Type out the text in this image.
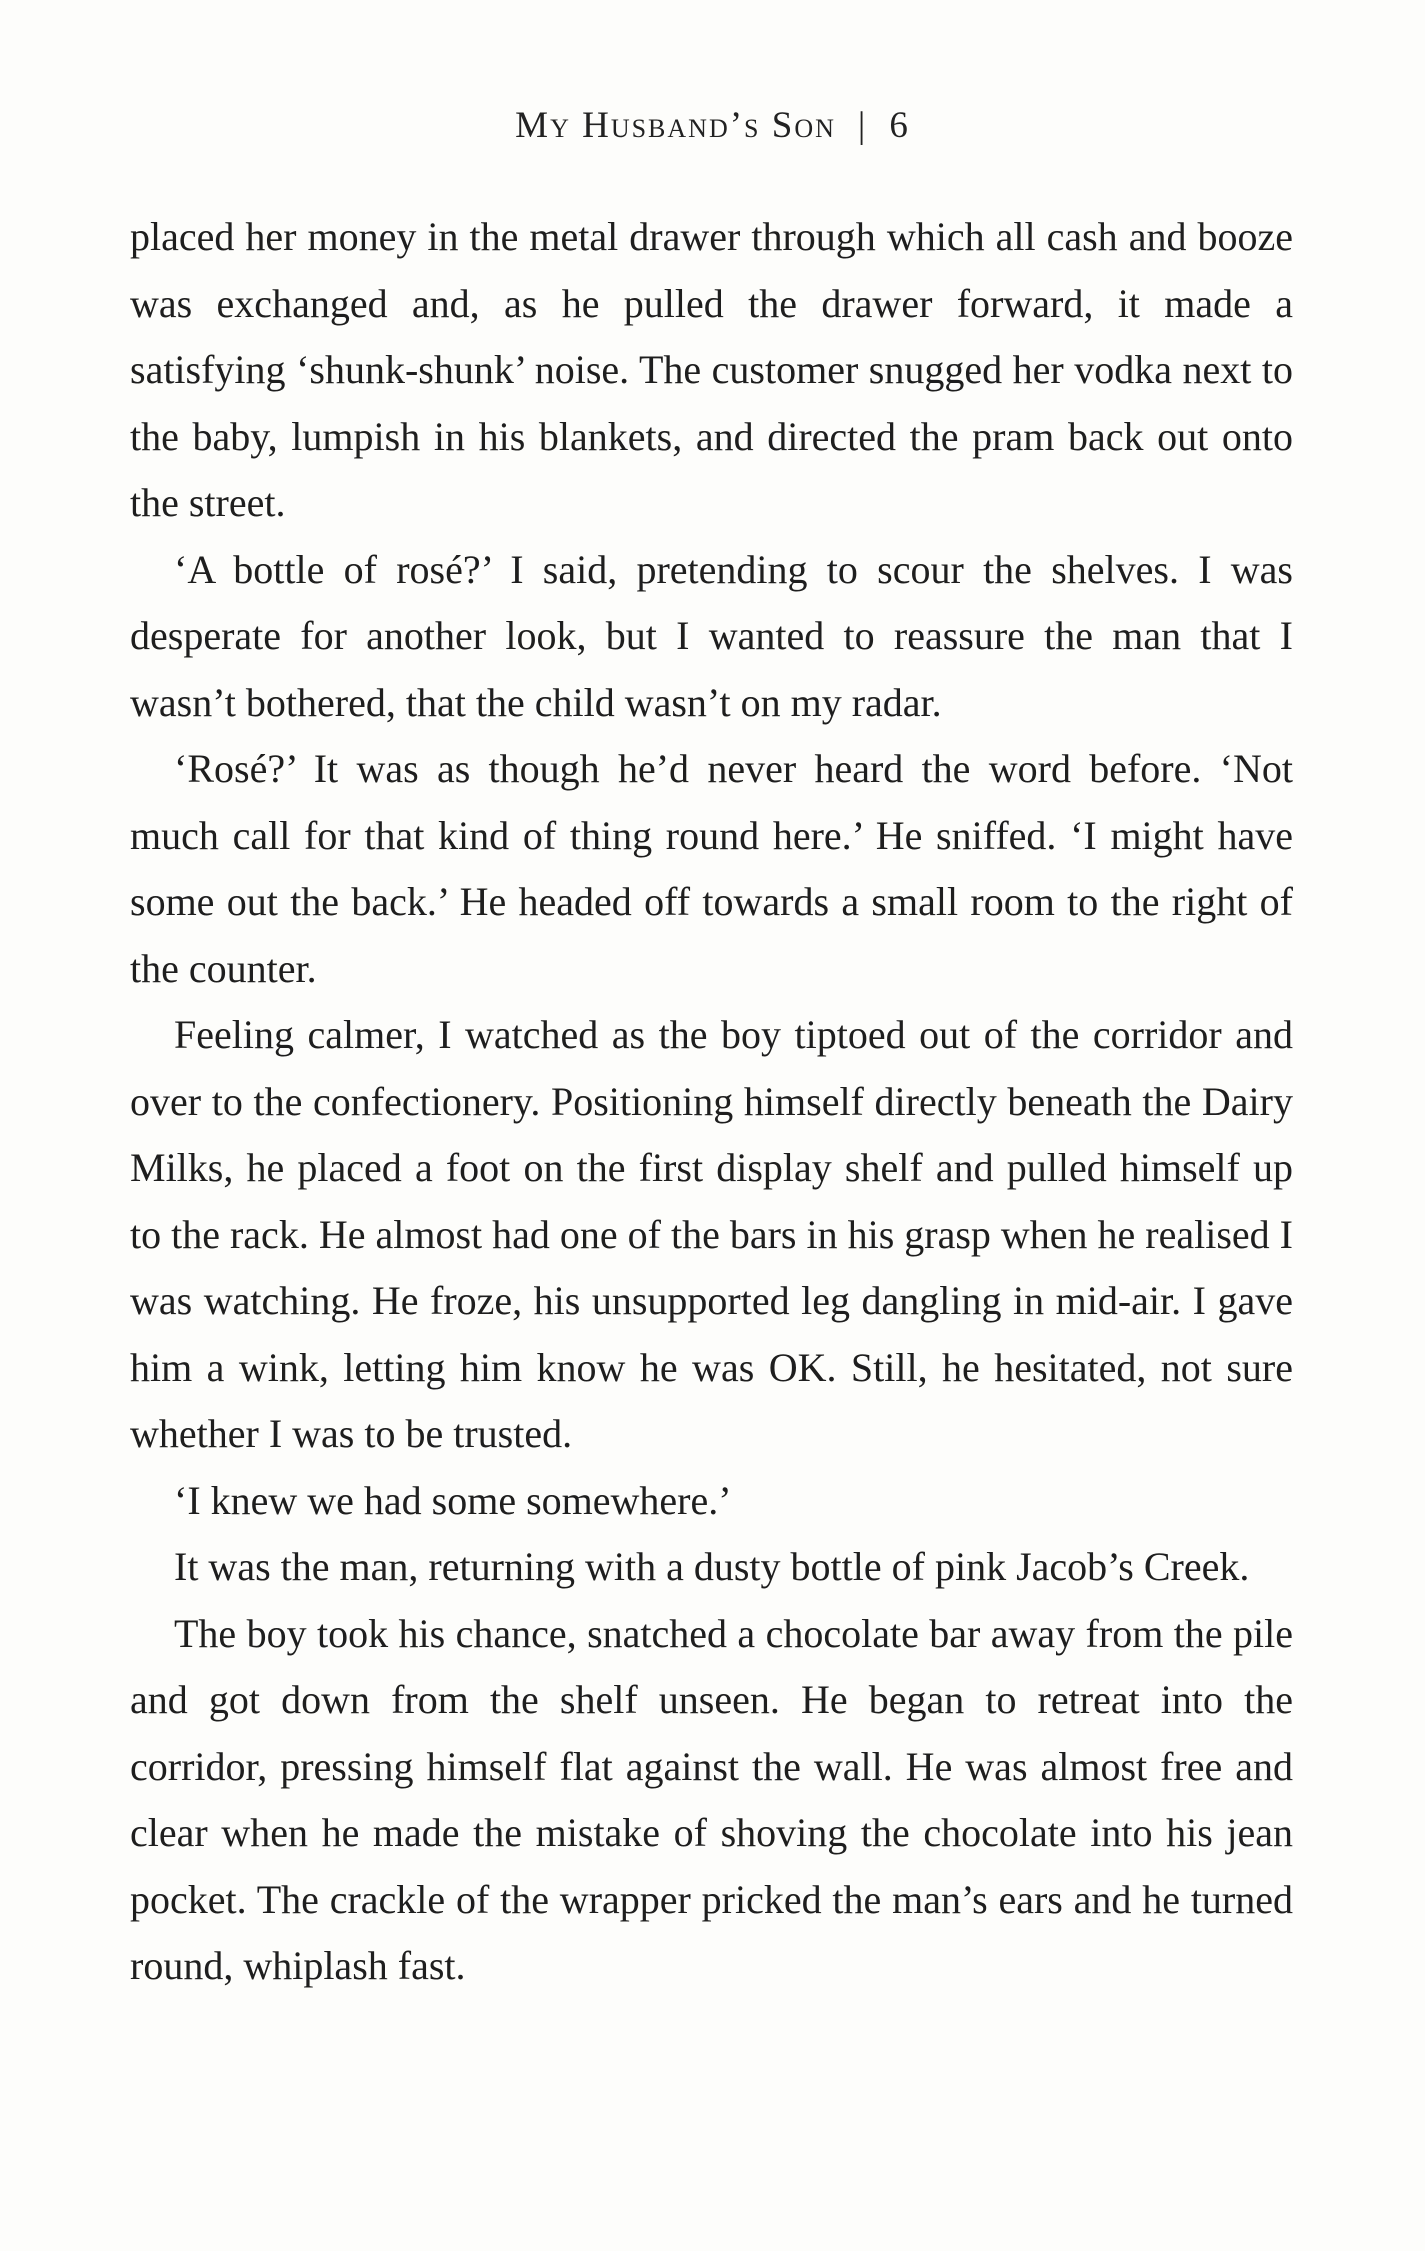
My Husband’s Son | 6

placed her money in the metal drawer through which all cash and booze was exchanged and, as he pulled the drawer forward, it made a satisfying ‘shunk-shunk’ noise. The customer snugged her vodka next to the baby, lumpish in his blankets, and directed the pram back out onto the street.

‘A bottle of rosé?’ I said, pretending to scour the shelves. I was desperate for another look, but I wanted to reassure the man that I wasn’t bothered, that the child wasn’t on my radar.

‘Rosé?’ It was as though he’d never heard the word before. ‘Not much call for that kind of thing round here.’ He sniffed. ‘I might have some out the back.’ He headed off towards a small room to the right of the counter.

Feeling calmer, I watched as the boy tiptoed out of the corridor and over to the confectionery. Positioning himself directly beneath the Dairy Milks, he placed a foot on the first display shelf and pulled himself up to the rack. He almost had one of the bars in his grasp when he realised I was watching. He froze, his unsupported leg dangling in mid-air. I gave him a wink, letting him know he was OK. Still, he hesitated, not sure whether I was to be trusted.

‘I knew we had some somewhere.’

It was the man, returning with a dusty bottle of pink Jacob’s Creek.

The boy took his chance, snatched a chocolate bar away from the pile and got down from the shelf unseen. He began to retreat into the corridor, pressing himself flat against the wall. He was almost free and clear when he made the mistake of shoving the chocolate into his jean pocket. The crackle of the wrapper pricked the man’s ears and he turned round, whiplash fast.
